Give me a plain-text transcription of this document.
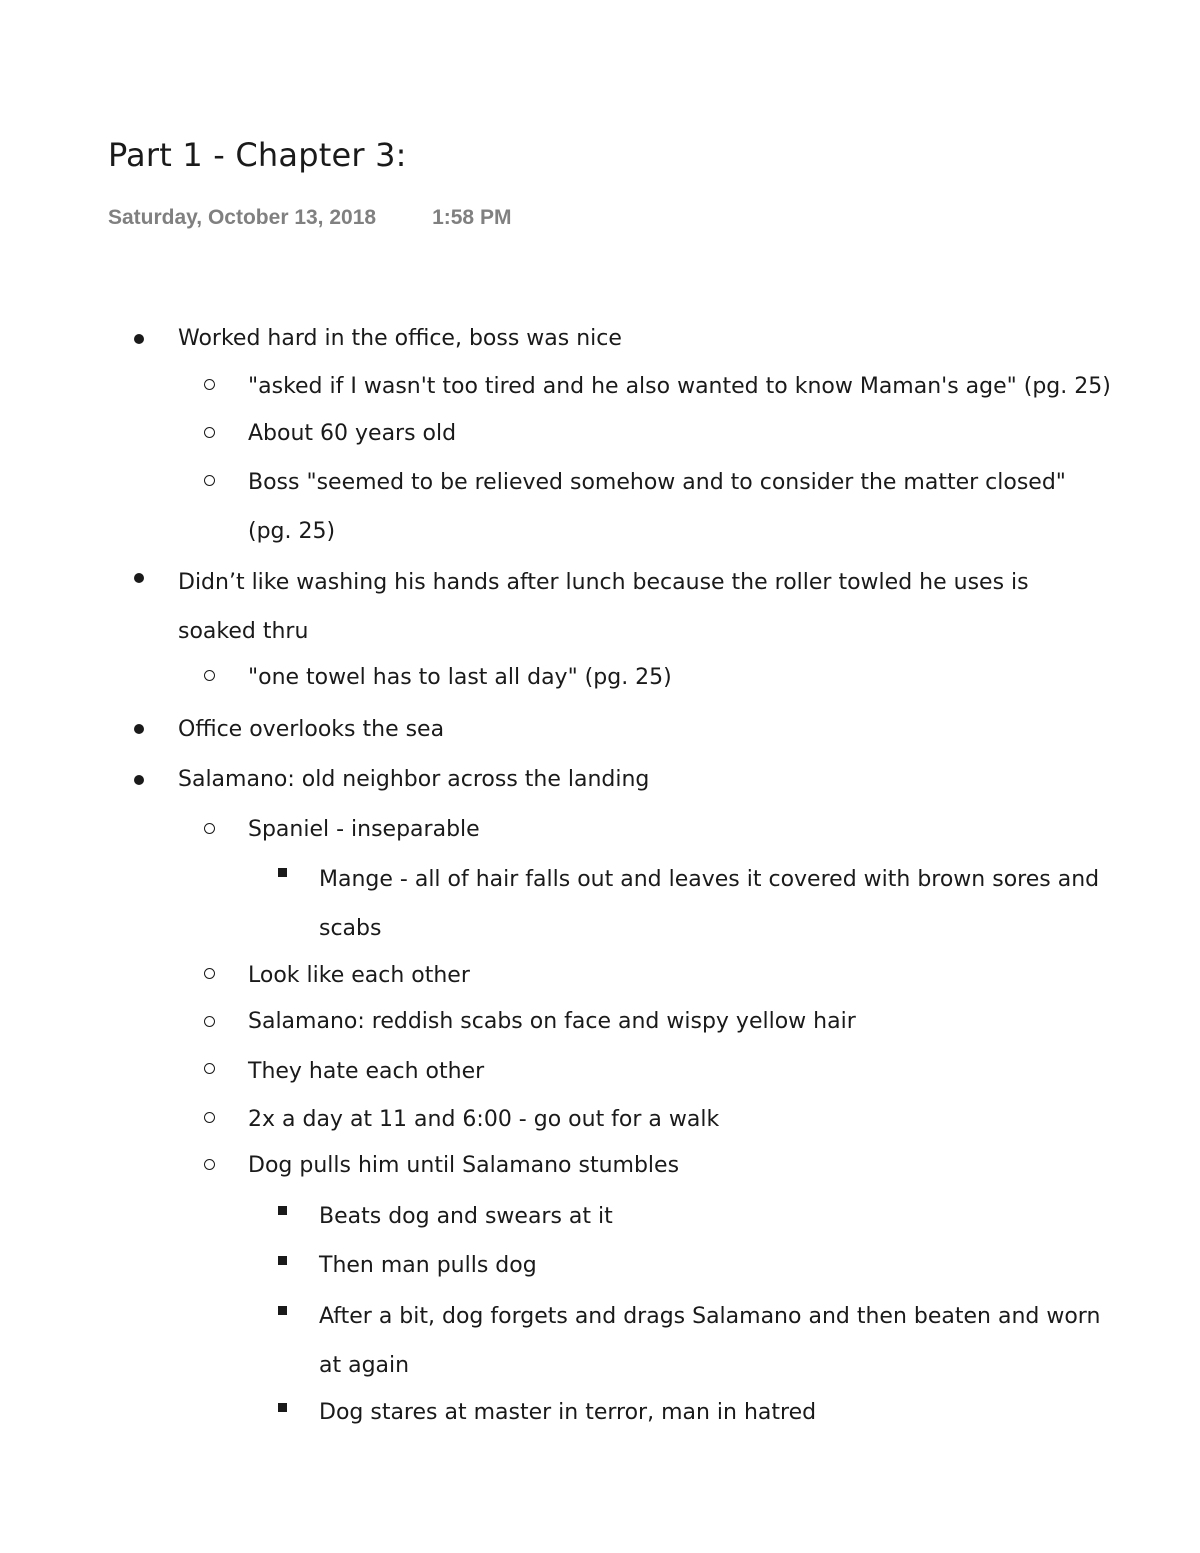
Part 1 - Chapter 3:
Saturday, October 13, 2018	1:58 PM
Worked hard in the office, boss was nice
"asked if I wasn't too tired and he also wanted to know Maman's age" (pg. 25)
About 60 years old
Boss "seemed to be relieved somehow and to consider the matter closed"
(pg. 25)
Didn’t like washing his hands after lunch because the roller towled he uses is
soaked thru
"one towel has to last all day" (pg. 25)
Office overlooks the sea
Salamano: old neighbor across the landing
Spaniel - inseparable
Mange - all of hair falls out and leaves it covered with brown sores and
scabs
Look like each other
Salamano: reddish scabs on face and wispy yellow hair
They hate each other
2x a day at 11 and 6:00 - go out for a walk
Dog pulls him until Salamano stumbles
Beats dog and swears at it
Then man pulls dog
After a bit, dog forgets and drags Salamano and then beaten and worn
at again
Dog stares at master in terror, man in hatred
